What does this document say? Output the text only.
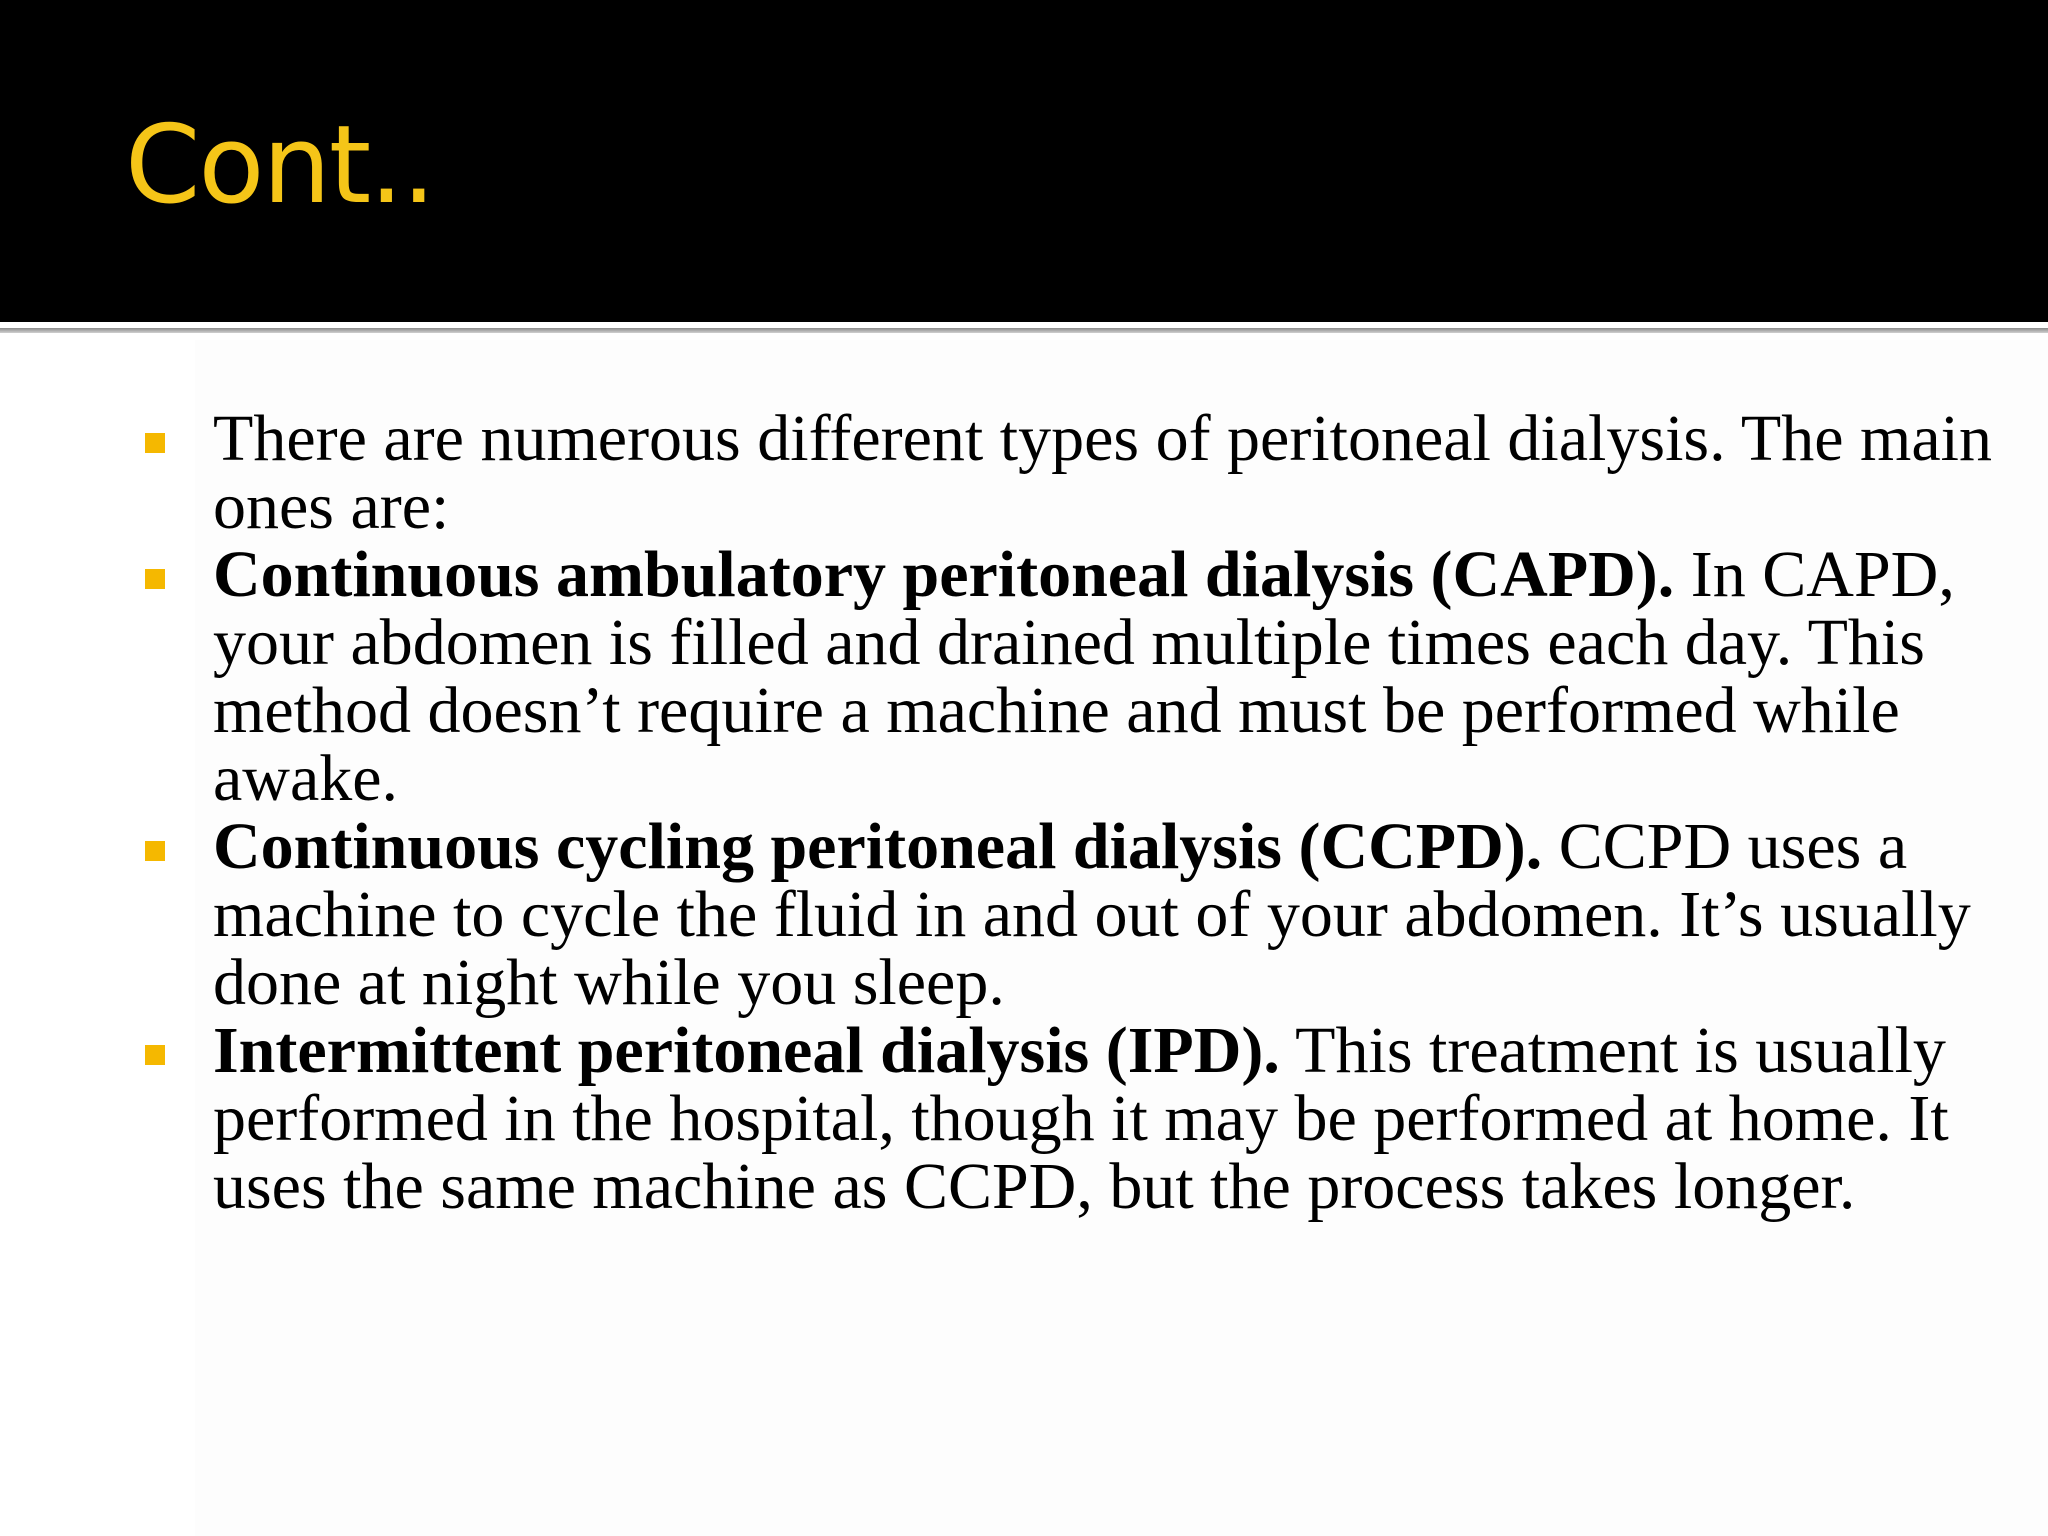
Cont..
There are numerous different types of peritoneal dialysis. The main ones are:
Continuous ambulatory peritoneal dialysis (CAPD). In CAPD, your abdomen is filled and drained multiple times each day. This method doesn’t require a machine and must be performed while awake.
Continuous cycling peritoneal dialysis (CCPD). CCPD uses a machine to cycle the fluid in and out of your abdomen. It’s usually done at night while you sleep.
Intermittent peritoneal dialysis (IPD). This treatment is usually performed in the hospital, though it may be performed at home. It uses the same machine as CCPD, but the process takes longer.
